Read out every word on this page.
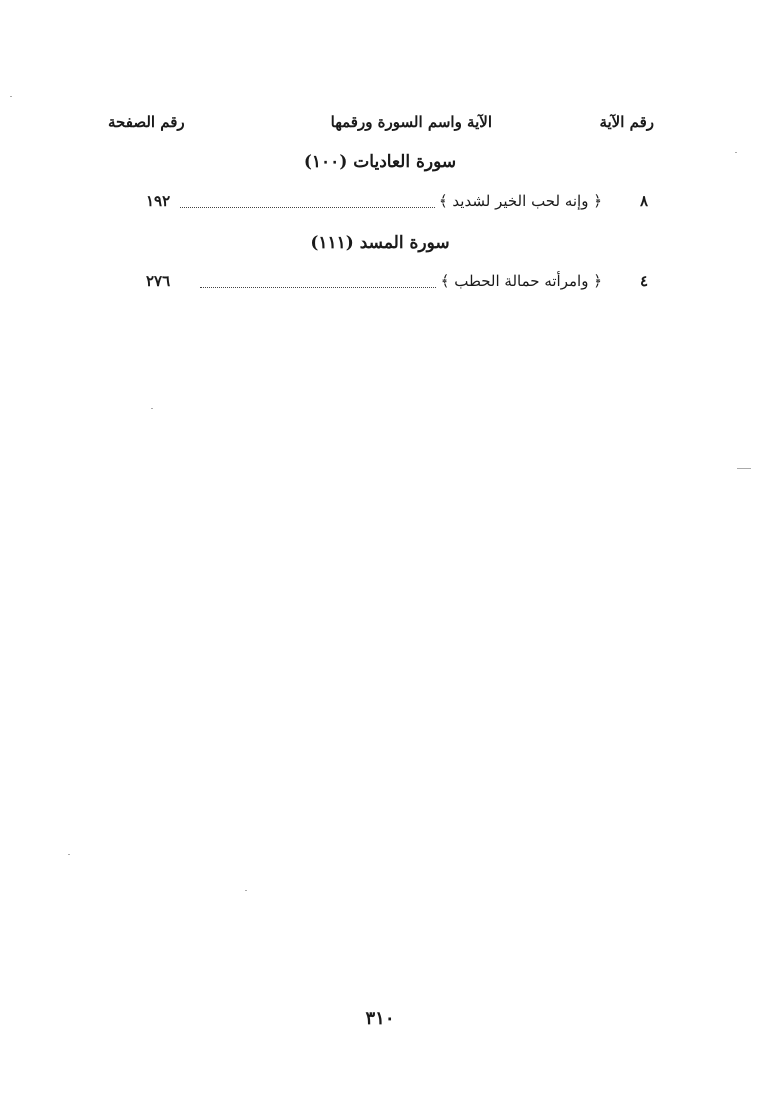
رقم الآية
الآية واسم السورة ورقمها
رقم الصفحة
سورة العاديات (١٠٠)
٨
﴿ وإنه لحب الخير لشديد ﴾
١٩٢
سورة المسد (١١١)
٤
﴿ وامرأته حمالة الحطب ﴾
٢٧٦
٣١٠
